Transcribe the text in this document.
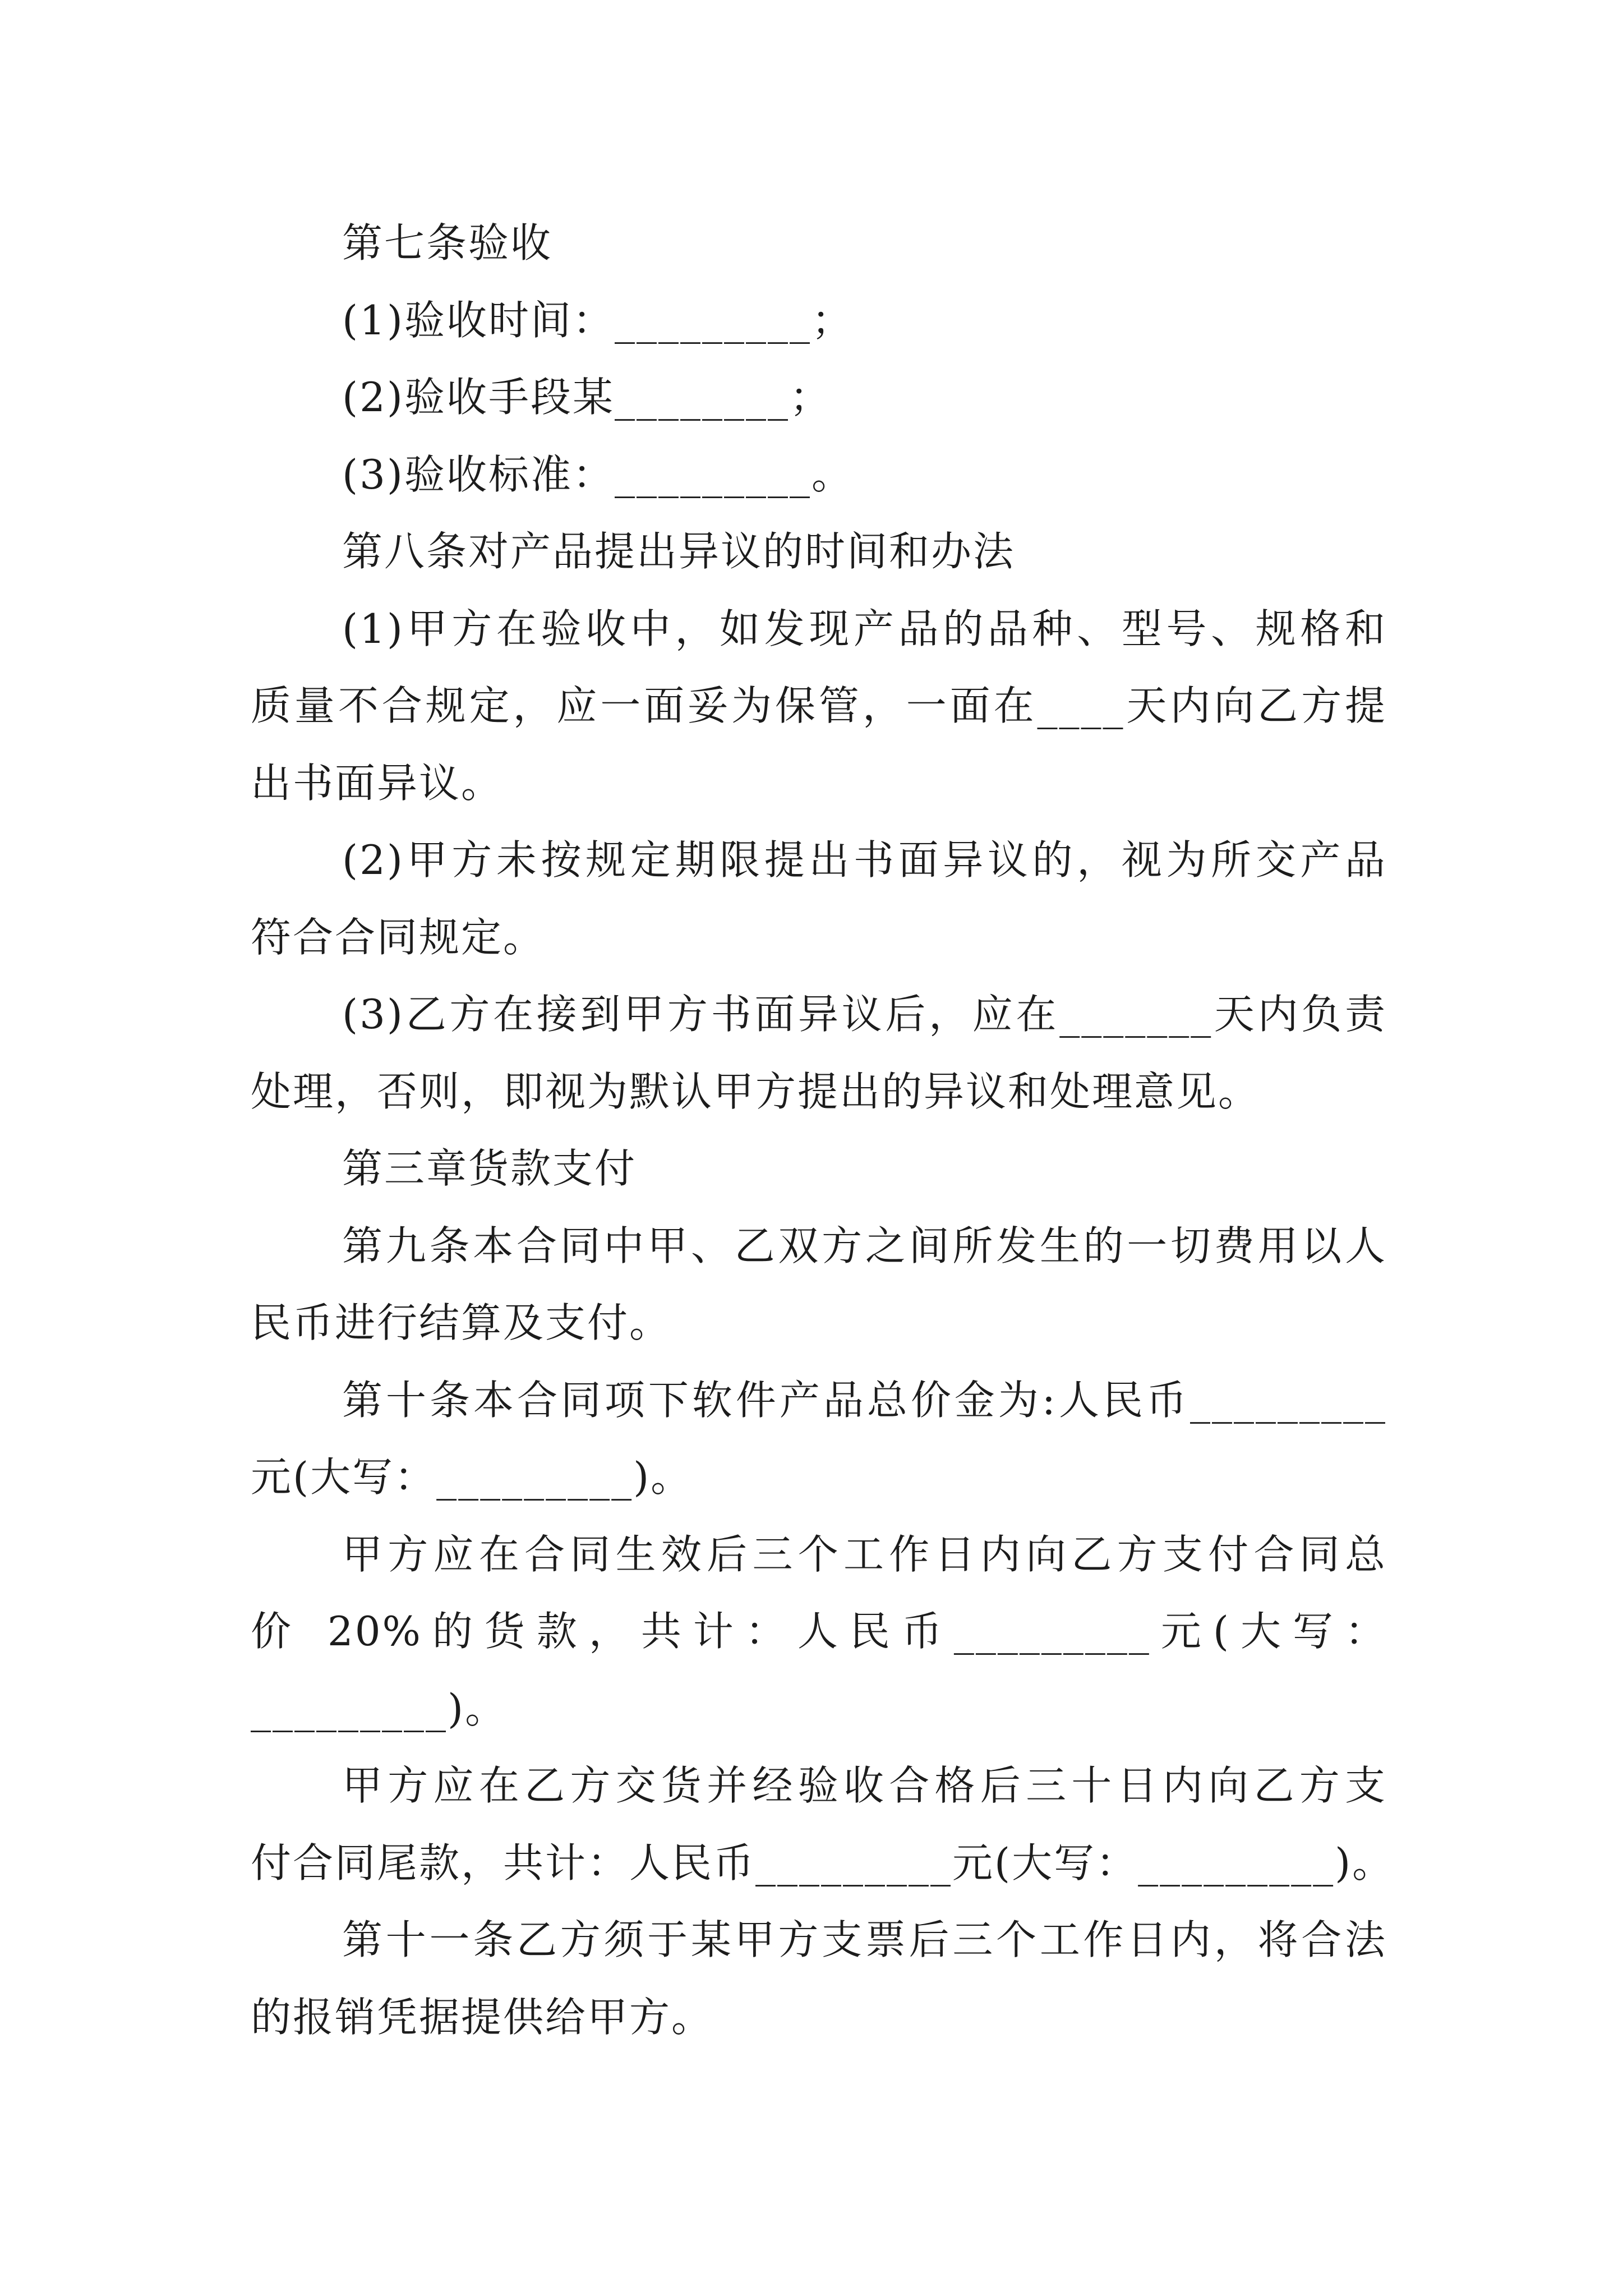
第七条验收
(1)验收时间：_________；
(2)验收手段某________；
(3)验收标准：_________。
第八条对产品提出异议的时间和办法
(1)甲方在验收中，如发现产品的品种、型号、规格和
质量不合规定，应一面妥为保管，一面在____天内向乙方提
出书面异议。
(2)甲方未按规定期限提出书面异议的，视为所交产品
符合合同规定。
(3)乙方在接到甲方书面异议后，应在_______天内负责
处理，否则，即视为默认甲方提出的异议和处理意见。
第三章货款支付
第九条本合同中甲、乙双方之间所发生的一切费用以人
民币进行结算及支付。
第十条本合同项下软件产品总价金为:人民币_________
元(大写：_________)。
甲方应在合同生效后三个工作日内向乙方支付合同总
价 20%的货款，共计：人民币_________元(大写：
_________)。
甲方应在乙方交货并经验收合格后三十日内向乙方支
付合同尾款，共计：人民币_________元(大写：_________)。
第十一条乙方须于某甲方支票后三个工作日内，将合法
的报销凭据提供给甲方。
